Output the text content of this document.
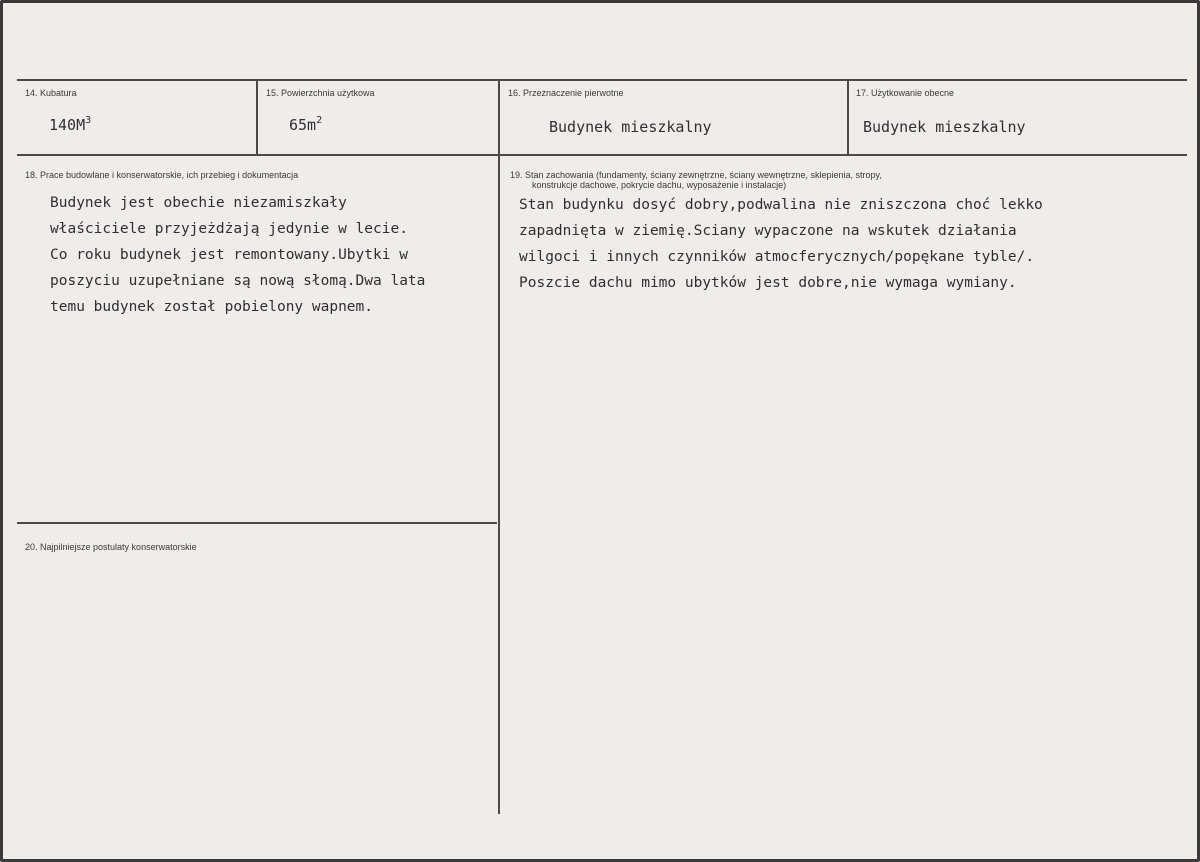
14. Kubatura
$140M^3$
15. Powierzchnia użytkowa
$65m^2$
16. Przeznaczenie pierwotne
Budynek mieszkalny
17. Użytkowanie obecne
Budynek mieszkalny
18. Prace budowlane i konserwatorskie, ich przebieg i dokumentacja
Budynek jest obechie niezamiszkały
właściciele przyjeżdżają jedynie w lecie.
Co roku budynek jest remontowany.Ubytki w
poszyciu uzupełniane są nową słomą.Dwa lata
temu budynek został pobielony wapnem.
19. Stan zachowania (fundamenty, ściany zewnętrzne, ściany wewnętrzne, sklepienia, stropy,
konstrukcje dachowe, pokrycie dachu, wyposażenie i instalacje)
Stan budynku dosyć dobry,podwalina nie zniszczona choć lekko
zapadnięta w ziemię.Sciany wypaczone na wskutek działania
wilgoci i innych czynników atmocferycznych/popękane tyble/.
Poszcie dachu mimo ubytków jest dobre,nie wymaga wymiany.
20. Najpilniejsze postulaty konserwatorskie
